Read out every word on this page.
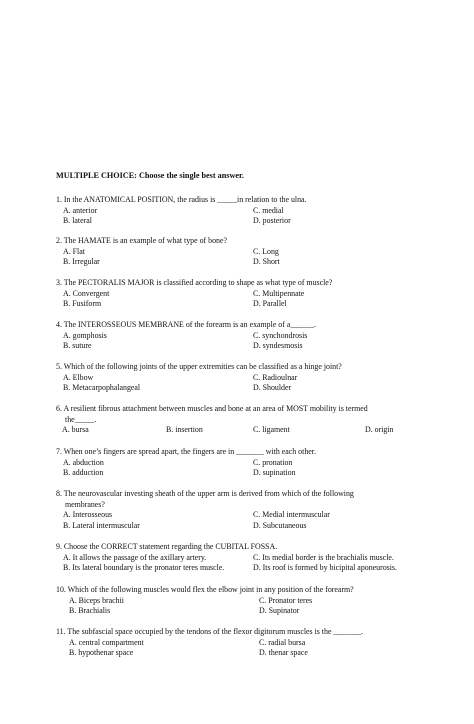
MULTIPLE CHOICE: Choose the single best answer.
1. In the ANATOMICAL POSITION, the radius is _____in relation to the ulna.
A. anterior	C. medial
B. lateral	D. posterior
2. The HAMATE is an example of what type of bone?
A. Flat	C. Long
B. Irregular	D. Short
3. The PECTORALIS MAJOR is classified according to shape as what type of muscle?
A. Convergent	C. Multipennate
B. Fusiform	D. Parallel
4. The INTEROSSEOUS MEMBRANE of the forearm is an example of a______.
A. gomphosis	C. synchondrosis
B. suture	D. syndesmosis
5. Which of the following joints of the upper extremities can be classified as a hinge joint?
A. Elbow	C. Radioulnar
B. Metacarpophalangeal	D. Shoulder
6. A resilient fibrous attachment between muscles and bone at an area of MOST mobility is termed
the_____.
A. bursa	B. insertion	C. ligament	D. origin
7. When one’s fingers are spread apart, the fingers are in _______ with each other.
A. abduction	C. pronation
B. adduction	D. supination
8. The neurovascular investing sheath of the upper arm is derived from which of the following
membranes?
A. Interosseous	C. Medial intermuscular
B. Lateral intermuscular	D. Subcutaneous
9. Choose the CORRECT statement regarding the CUBITAL FOSSA.
A. It allows the passage of the axillary artery.	C. Its medial border is the brachialis muscle.
B. Its lateral boundary is the pronator teres muscle.	D. Its roof is formed by bicipital aponeurosis.
10. Which of the following muscles would flex the elbow joint in any position of the forearm?
A. Biceps brachii	C. Pronator teres
B. Brachialis	D. Supinator
11. The subfascial space occupied by the tendons of the flexor digitorum muscles is the _______.
A. central compartment	C. radial bursa
B. hypothenar space	D. thenar space
